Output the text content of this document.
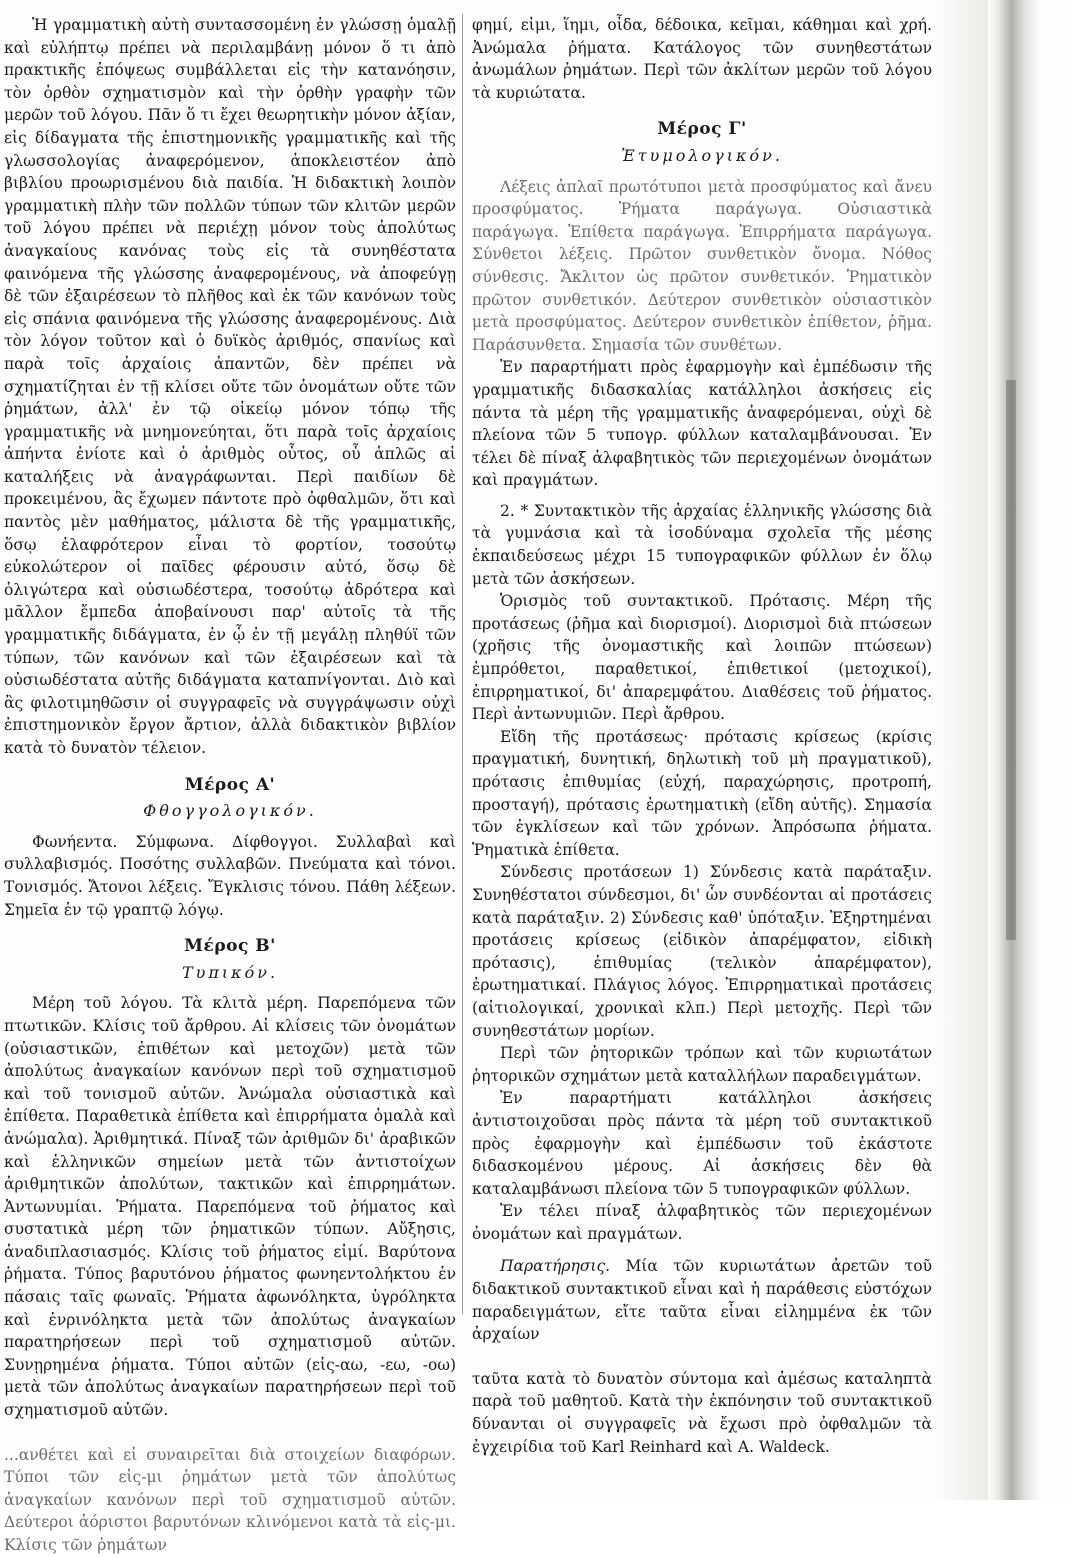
Ἡ γραμματικὴ αὐτὴ συντασσομένη ἐν γλώσσῃ ὁμαλῇ καὶ εὐλήπτῳ πρέπει νὰ περιλαμβάνῃ μόνον ὅ τι ἀπὸ πρακτικῆς ἐπόψεως συμβάλλεται εἰς τὴν κατανόησιν, τὸν ὀρθὸν σχηματισμὸν καὶ τὴν ὀρθὴν γραφὴν τῶν μερῶν τοῦ λόγου. Πᾶν ὅ τι ἔχει θεωρητικὴν μόνον ἀξίαν, εἰς δίδαγματα τῆς ἐπιστημονικῆς γραμματικῆς καὶ τῆς γλωσσολογίας ἀναφερόμενον, ἀποκλειστέον ἀπὸ βιβλίου προωρισμένου διὰ παιδία. Ἡ διδακτικὴ λοιπὸν γραμματικὴ πλὴν τῶν πολλῶν τύπων τῶν κλιτῶν μερῶν τοῦ λόγου πρέπει νὰ περιέχῃ μόνον τοὺς ἀπολύτως ἀναγκαίους κανόνας τοὺς εἰς τὰ συνηθέστατα φαινόμενα τῆς γλώσσης ἀναφερομένους, νὰ ἀποφεύγῃ δὲ τῶν ἐξαιρέσεων τὸ πλῆθος καὶ ἐκ τῶν κανόνων τοὺς εἰς σπάνια φαινόμενα τῆς γλώσσης ἀναφερομένους. Διὰ τὸν λόγον τοῦτον καὶ ὁ δυϊκὸς ἀριθμός, σπανίως καὶ παρὰ τοῖς ἀρχαίοις ἀπαντῶν, δὲν πρέπει νὰ σχηματίζηται ἐν τῇ κλίσει οὔτε τῶν ὀνομάτων οὔτε τῶν ῥημάτων, ἀλλ' ἐν τῷ οἰκείῳ μόνον τόπῳ τῆς γραμματικῆς νὰ μνημονεύηται, ὅτι παρὰ τοῖς ἀρχαίοις ἀπήντα ἐνίοτε καὶ ὁ ἀριθμὸς οὗτος, οὗ ἁπλῶς αἱ καταλήξεις νὰ ἀναγράφωνται. Περὶ παιδίων δὲ προκειμένου, ἂς ἔχωμεν πάντοτε πρὸ ὀφθαλμῶν, ὅτι καὶ παντὸς μὲν μαθήματος, μάλιστα δὲ τῆς γραμματικῆς, ὅσῳ ἐλαφρότερον εἶναι τὸ φορτίον, τοσούτῳ εὐκολώτερον οἱ παῖδες φέρουσιν αὐτό, ὅσῳ δὲ ὀλιγώτερα καὶ οὐσιωδέστερα, τοσούτῳ ἀδρότερα καὶ μᾶλλον ἔμπεδα ἀποβαίνουσι παρ' αὐτοῖς τὰ τῆς γραμματικῆς διδάγματα, ἐν ᾧ ἐν τῇ μεγάλῃ πληθύϊ τῶν τύπων, τῶν κανόνων καὶ τῶν ἐξαιρέσεων καὶ τὰ οὐσιωδέστατα αὐτῆς διδάγματα καταπνίγονται. Διὸ καὶ ἂς φιλοτιμηθῶσιν οἱ συγγραφεῖς νὰ συγγράψωσιν οὐχὶ ἐπιστημονικὸν ἔργον ἄρτιον, ἀλλὰ διδακτικὸν βιβλίον κατὰ τὸ δυνατὸν τέλειον.

Μέρος Α'
Φθογγολογικόν.

Φωνήεντα. Σύμφωνα. Δίφθογγοι. Συλλαβαὶ καὶ συλλαβισμός. Ποσότης συλλαβῶν. Πνεύματα καὶ τόνοι. Τονισμός. Ἄτονοι λέξεις. Ἔγκλισις τόνου. Πάθη λέξεων. Σημεῖα ἐν τῷ γραπτῷ λόγῳ.

Μέρος Β'
Τυπικόν.

Μέρη τοῦ λόγου. Τὰ κλιτὰ μέρη. Παρεπόμενα τῶν πτωτικῶν. Κλίσις τοῦ ἄρθρου. Αἱ κλίσεις τῶν ὀνομάτων (οὐσιαστικῶν, ἐπιθέτων καὶ μετοχῶν) μετὰ τῶν ἀπολύτως ἀναγκαίων κανόνων περὶ τοῦ σχηματισμοῦ καὶ τοῦ τονισμοῦ αὐτῶν. Ἀνώμαλα οὐσιαστικὰ καὶ ἐπίθετα. Παραθετικὰ ἐπίθετα καὶ ἐπιρρήματα ὁμαλὰ καὶ ἀνώμαλα). Ἀριθμητικά. Πίναξ τῶν ἀριθμῶν δι' ἀραβικῶν καὶ ἑλληνικῶν σημείων μετὰ τῶν ἀντιστοίχων ἀριθμητικῶν ἀπολύτων, τακτικῶν καὶ ἐπιρρημάτων. Ἀντωνυμίαι. Ῥήματα. Παρεπόμενα τοῦ ῥήματος καὶ συστατικὰ μέρη τῶν ῥηματικῶν τύπων. Αὔξησις, ἀναδιπλασιασμός. Κλίσις τοῦ ῥήματος εἰμί. Βαρύτονα ῥήματα. Τύπος βαρυτόνου ῥήματος φωνηεντολήκτου ἐν πάσαις ταῖς φωναῖς. Ῥήματα ἀφωνόληκτα, ὑγρόληκτα καὶ ἐνρινόληκτα μετὰ τῶν ἀπολύτως ἀναγκαίων παρατηρήσεων περὶ τοῦ σχηματισμοῦ αὐτῶν. Συνῃρημένα ῥήματα. Τύποι αὐτῶν (εἰς-αω, -εω, -οω) μετὰ τῶν ἀπολύτως ἀναγκαίων παρατηρήσεων περὶ τοῦ σχηματισμοῦ αὐτῶν.

...ανθέτει καὶ εἰ συναιρεῖται διὰ στοιχείων διαφόρων. Τύποι τῶν εἰς-μι ῥημάτων μετὰ τῶν ἀπολύτως ἀναγκαίων κανόνων περὶ τοῦ σχηματισμοῦ αὐτῶν. Δεύτεροι ἀόριστοι βαρυτόνων κλινόμενοι κατὰ τὰ εἰς-μι. Κλίσις τῶν ῥημάτων

φημί, εἰμι, ἵημι, οἶδα, δέδοικα, κεῖμαι, κάθημαι καὶ χρή. Ἀνώμαλα ῥήματα. Κατάλογος τῶν συνηθεστάτων ἀνωμάλων ῥημάτων. Περὶ τῶν ἀκλίτων μερῶν τοῦ λόγου τὰ κυριώτατα.

Μέρος Γ'
Ἐτυμολογικόν.

Λέξεις ἁπλαῖ πρωτότυποι μετὰ προσφύματος καὶ ἄνευ προσφύματος. Ῥήματα παράγωγα. Οὐσιαστικὰ παράγωγα. Ἐπίθετα παράγωγα. Ἐπιρρήματα παράγωγα. Σύνθετοι λέξεις. Πρῶτον συνθετικὸν ὄνομα. Νόθος σύνθεσις. Ἄκλιτον ὡς πρῶτον συνθετικόν. Ῥηματικὸν πρῶτον συνθετικόν. Δεύτερον συνθετικὸν οὐσιαστικὸν μετὰ προσφύματος. Δεύτερον συνθετικὸν ἐπίθετον, ῥῆμα. Παράσυνθετα. Σημασία τῶν συνθέτων.

Ἐν παραρτήματι πρὸς ἐφαρμογὴν καὶ ἐμπέδωσιν τῆς γραμματικῆς διδασκαλίας κατάλληλοι ἀσκήσεις εἰς πάντα τὰ μέρη τῆς γραμματικῆς ἀναφερόμεναι, οὐχὶ δὲ πλείονα τῶν 5 τυπογρ. φύλλων καταλαμβάνουσαι. Ἐν τέλει δὲ πίναξ ἀλφαβητικὸς τῶν περιεχομένων ὀνομάτων καὶ πραγμάτων.

2. * Συντακτικὸν τῆς ἀρχαίας ἑλληνικῆς γλώσσης διὰ τὰ γυμνάσια καὶ τὰ ἰσοδύναμα σχολεῖα τῆς μέσης ἐκπαιδεύσεως μέχρι 15 τυπογραφικῶν φύλλων ἐν ὅλῳ μετὰ τῶν ἀσκήσεων.

Ὁρισμὸς τοῦ συντακτικοῦ. Πρότασις. Μέρη τῆς προτάσεως (ῥῆμα καὶ διορισμοί). Διορισμοὶ διὰ πτώσεων (χρῆσις τῆς ὀνομαστικῆς καὶ λοιπῶν πτώσεων) ἐμπρόθετοι, παραθετικοί, ἐπιθετικοί (μετοχικοί), ἐπιρρηματικοί, δι' ἀπαρεμφάτου. Διαθέσεις τοῦ ῥήματος. Περὶ ἀντωνυμιῶν. Περὶ ἄρθρου.

Εἴδη τῆς προτάσεως· πρότασις κρίσεως (κρίσις πραγματική, δυνητική, δηλωτικὴ τοῦ μὴ πραγματικοῦ), πρότασις ἐπιθυμίας (εὐχή, παραχώρησις, προτροπή, προσταγή), πρότασις ἐρωτηματικὴ (εἴδη αὐτῆς). Σημασία τῶν ἐγκλίσεων καὶ τῶν χρόνων. Ἀπρόσωπα ῥήματα. Ῥηματικὰ ἐπίθετα.

Σύνδεσις προτάσεων 1) Σύνδεσις κατὰ παράταξιν. Συνηθέστατοι σύνδεσμοι, δι' ὧν συνδέονται αἱ προτάσεις κατὰ παράταξιν. 2) Σύνδεσις καθ' ὑπόταξιν. Ἐξηρτημέναι προτάσεις κρίσεως (εἰδικὸν ἀπαρέμφατον, εἰδικὴ πρότασις), ἐπιθυμίας (τελικὸν ἀπαρέμφατον), ἐρωτηματικαί. Πλάγιος λόγος. Ἐπιρρηματικαὶ προτάσεις (αἰτιολογικαί, χρονικαὶ κλπ.) Περὶ μετοχῆς. Περὶ τῶν συνηθεστάτων μορίων.

Περὶ τῶν ῥητορικῶν τρόπων καὶ τῶν κυριωτάτων ῥητορικῶν σχημάτων μετὰ καταλλήλων παραδειγμάτων.

Ἐν παραρτήματι κατάλληλοι ἀσκήσεις ἀντιστοιχοῦσαι πρὸς πάντα τὰ μέρη τοῦ συντακτικοῦ πρὸς ἐφαρμογὴν καὶ ἐμπέδωσιν τοῦ ἑκάστοτε διδασκομένου μέρους. Αἱ ἀσκήσεις δὲν θὰ καταλαμβάνωσι πλείονα τῶν 5 τυπογραφικῶν φύλλων.

Ἐν τέλει πίναξ ἀλφαβητικὸς τῶν περιεχομένων ὀνομάτων καὶ πραγμάτων.

Παρατήρησις. Μία τῶν κυριωτάτων ἀρετῶν τοῦ διδακτικοῦ συντακτικοῦ εἶναι καὶ ἡ παράθεσις εὐστόχων παραδειγμάτων, εἴτε ταῦτα εἶναι εἰλημμένα ἐκ τῶν ἀρχαίων

ταῦτα κατὰ τὸ δυνατὸν σύντομα καὶ ἀμέσως καταληπτὰ παρὰ τοῦ μαθητοῦ. Κατὰ τὴν ἐκπόνησιν τοῦ συντακτικοῦ δύνανται οἱ συγγραφεῖς νὰ ἔχωσι πρὸ ὀφθαλμῶν τὰ ἐγχειρίδια τοῦ Karl Reinhard καὶ A. Waldeck.
